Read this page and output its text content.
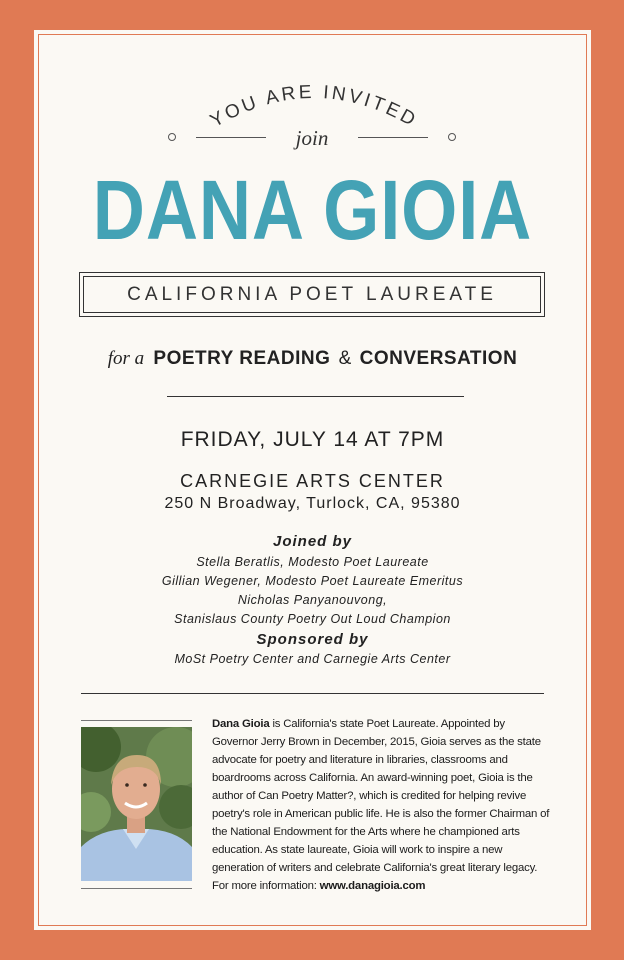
YOU ARE INVITED
join
DANA GIOIA
CALIFORNIA POET LAUREATE
for a POETRY READING & CONVERSATION
FRIDAY, JULY 14 AT 7PM
CARNEGIE ARTS CENTER
250 N Broadway, Turlock, CA, 95380
Joined by
Stella Beratlis, Modesto Poet Laureate
Gillian Wegener, Modesto Poet Laureate Emeritus
Nicholas Panyanouvong,
Stanislaus County Poetry Out Loud Champion
Sponsored by
MoSt Poetry Center and Carnegie Arts Center

Dana Gioia is California's state Poet Laureate. Appointed by Governor Jerry Brown in December, 2015, Gioia serves as the state advocate for poetry and literature in libraries, classrooms and boardrooms across California. An award-winning poet, Gioia is the author of Can Poetry Matter?, which is credited for helping revive poetry's role in American public life. He is also the former Chairman of the National Endowment for the Arts where he championed arts education. As state laureate, Gioia will work to inspire a new generation of writers and celebrate California's great literary legacy. For more information: www.danagioia.com
